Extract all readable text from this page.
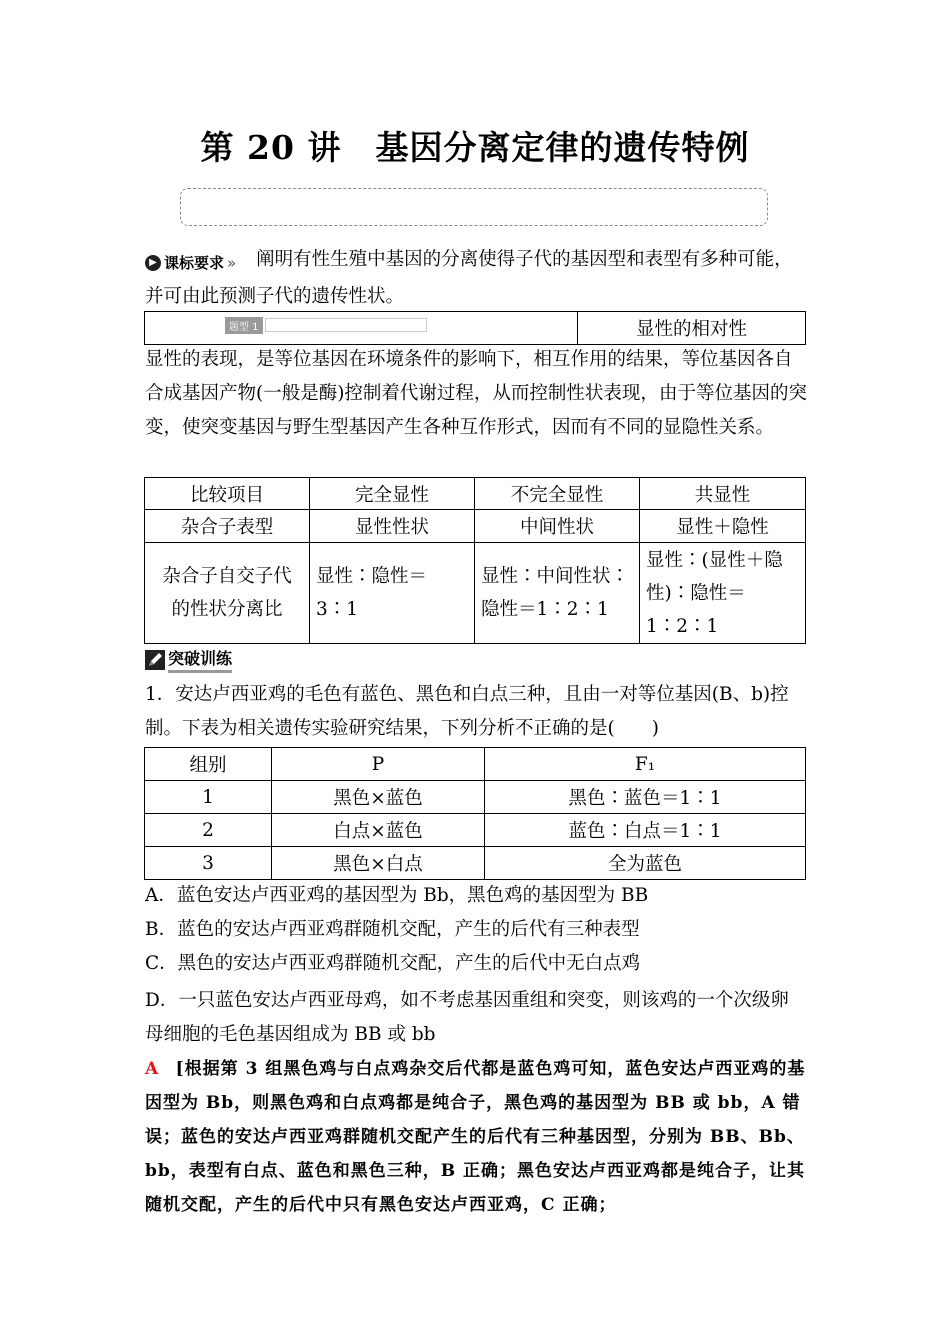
第 20 讲　基因分离定律的遗传特例
▶ 课标要求 » 阐明有性生殖中基因的分离使得子代的基因型和表型有多种可能，并可由此预测子代的遗传性状。
题型 1	显性的相对性
显性的表现，是等位基因在环境条件的影响下，相互作用的结果，等位基因各自合成基因产物(一般是酶)控制着代谢过程，从而控制性状表现，由于等位基因的突变，使突变基因与野生型基因产生各种互作形式，因而有不同的显隐性关系。
比较项目	完全显性	不完全显性	共显性
杂合子表型	显性性状	中间性状	显性＋隐性
杂合子自交子代的性状分离比	显性∶隐性＝3∶1	显性∶中间性状∶隐性＝1∶2∶1	显性∶(显性＋隐性)∶隐性＝1∶2∶1
突破训练
1．安达卢西亚鸡的毛色有蓝色、黑色和白点三种，且由一对等位基因(B、b)控制。下表为相关遗传实验研究结果，下列分析不正确的是(　　)
组别	P	F₁
1	黑色×蓝色	黑色∶蓝色＝1∶1
2	白点×蓝色	蓝色∶白点＝1∶1
3	黑色×白点	全为蓝色
A．蓝色安达卢西亚鸡的基因型为 Bb，黑色鸡的基因型为 BB
B．蓝色的安达卢西亚鸡群随机交配，产生的后代有三种表型
C．黑色的安达卢西亚鸡群随机交配，产生的后代中无白点鸡
D．一只蓝色安达卢西亚母鸡，如不考虑基因重组和突变，则该鸡的一个次级卵母细胞的毛色基因组成为 BB 或 bb
A [根据第 3 组黑色鸡与白点鸡杂交后代都是蓝色鸡可知，蓝色安达卢西亚鸡的基因型为 Bb，则黑色鸡和白点鸡都是纯合子，黑色鸡的基因型为 BB 或 bb，A 错误；蓝色的安达卢西亚鸡群随机交配产生的后代有三种基因型，分别为 BB、Bb、bb，表型有白点、蓝色和黑色三种，B 正确；黑色安达卢西亚鸡都是纯合子，让其随机交配，产生的后代中只有黑色安达卢西亚鸡，C 正确；
